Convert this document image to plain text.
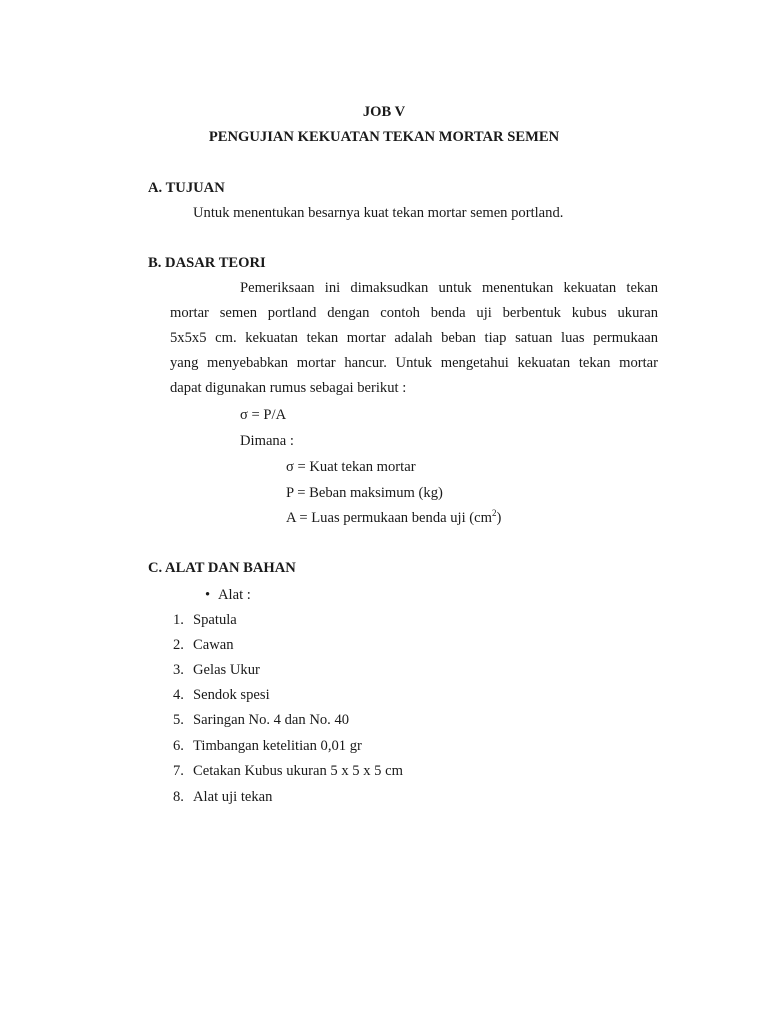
JOB V
PENGUJIAN KEKUATAN TEKAN MORTAR SEMEN
A. TUJUAN
Untuk menentukan besarnya kuat tekan mortar semen portland.
B. DASAR TEORI
Pemeriksaan ini dimaksudkan untuk menentukan kekuatan tekan
mortar semen portland dengan contoh benda uji berbentuk kubus ukuran
5x5x5 cm. kekuatan tekan mortar adalah beban tiap satuan luas permukaan
yang menyebabkan mortar hancur. Untuk mengetahui kekuatan tekan mortar
dapat digunakan rumus sebagai berikut :
σ = P/A
Dimana :
σ = Kuat tekan mortar
P = Beban maksimum (kg)
A = Luas permukaan benda uji $(cm^2)$
C. ALAT DAN BAHAN
• Alat :
1. Spatula
2. Cawan
3. Gelas Ukur
4. Sendok spesi
5. Saringan No. 4 dan No. 40
6. Timbangan ketelitian 0,01 gr
7. Cetakan Kubus ukuran 5 x 5 x 5 cm
8. Alat uji tekan
